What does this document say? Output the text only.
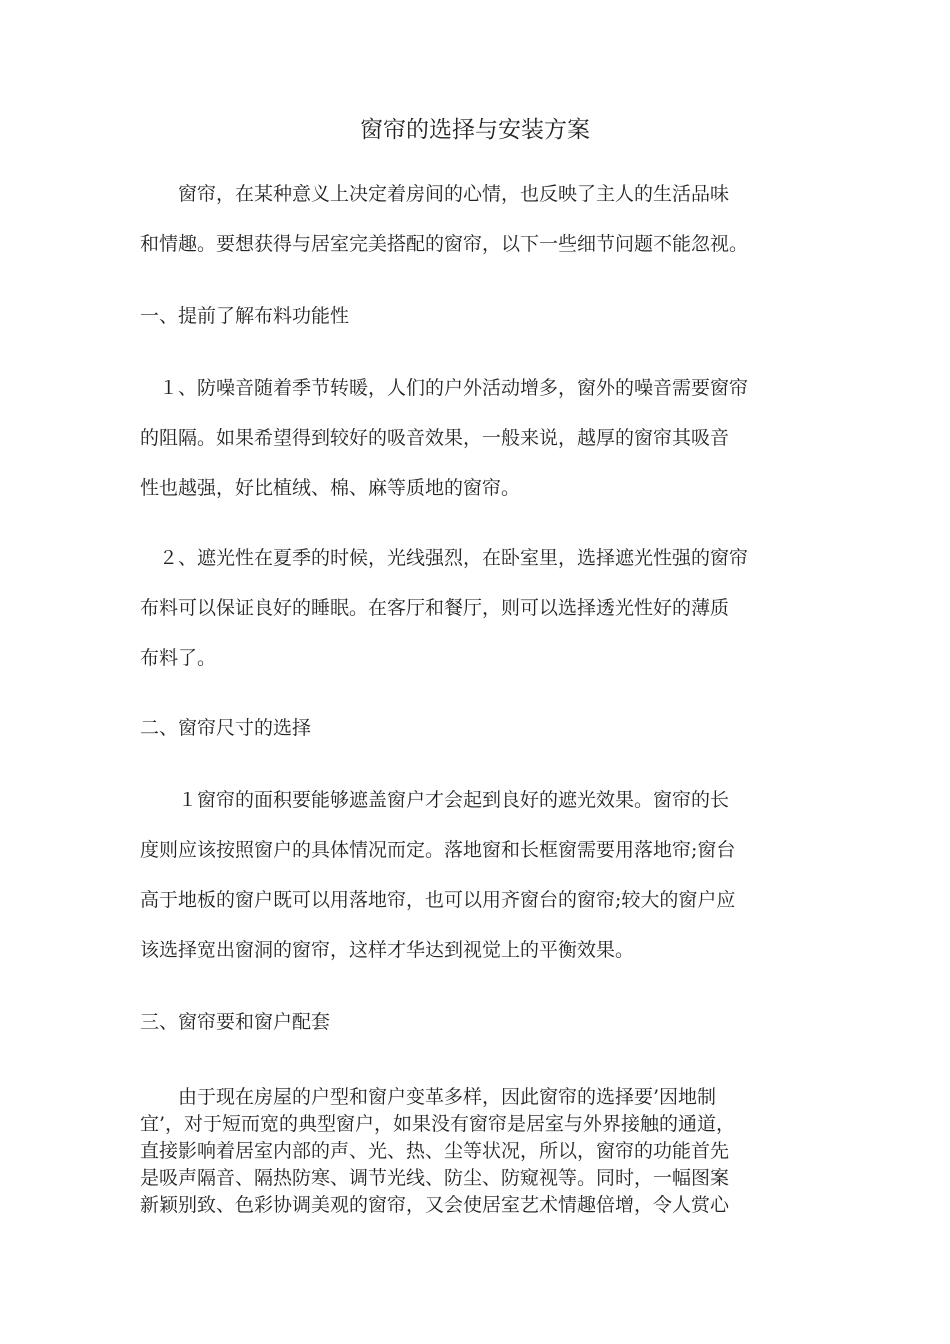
窗帘的选择与安装方案
　　窗帘，在某种意义上决定着房间的心情，也反映了主人的生活品味
和情趣。要想获得与居室完美搭配的窗帘，以下一些细节问题不能忽视。
一、提前了解布料功能性
　１、防噪音随着季节转暖，人们的户外活动增多，窗外的噪音需要窗帘
的阻隔。如果希望得到较好的吸音效果，一般来说，越厚的窗帘其吸音
性也越强，好比植绒、棉、麻等质地的窗帘。
　２、遮光性在夏季的时候，光线强烈，在卧室里，选择遮光性强的窗帘
布料可以保证良好的睡眠。在客厅和餐厅，则可以选择透光性好的薄质
布料了。
二、窗帘尺寸的选择
　　１窗帘的面积要能够遮盖窗户才会起到良好的遮光效果。窗帘的长
度则应该按照窗户的具体情况而定。落地窗和长框窗需要用落地帘;窗台
高于地板的窗户既可以用落地帘，也可以用齐窗台的窗帘;较大的窗户应
该选择宽出窗洞的窗帘，这样才华达到视觉上的平衡效果。
三、窗帘要和窗户配套
　　由于现在房屋的户型和窗户变革多样，因此窗帘的选择要’因地制
宜’，对于短而宽的典型窗户，如果没有窗帘是居室与外界接触的通道，
直接影响着居室内部的声、光、热、尘等状况，所以，窗帘的功能首先
是吸声隔音、隔热防寒、调节光线、防尘、防窥视等。同时，一幅图案
新颖别致、色彩协调美观的窗帘，又会使居室艺术情趣倍增，令人赏心
